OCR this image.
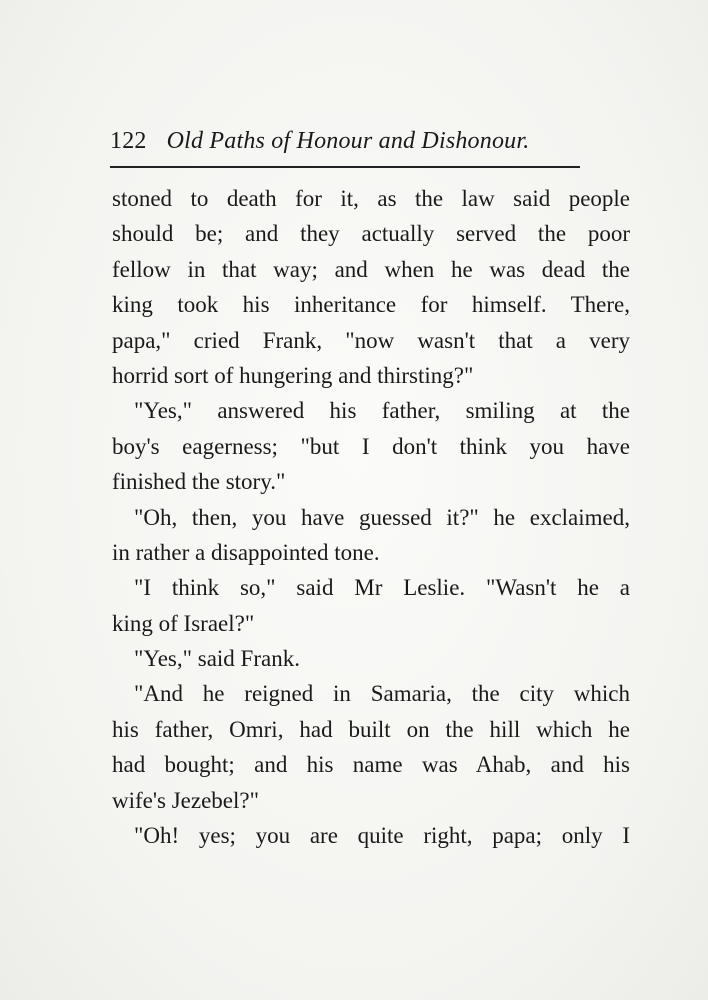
122 Old Paths of Honour and Dishonour.
stoned to death for it, as the law said people
should be; and they actually served the poor
fellow in that way; and when he was dead the
king took his inheritance for himself. There,
papa," cried Frank, "now wasn't that a very
horrid sort of hungering and thirsting?"
"Yes," answered his father, smiling at the
boy's eagerness; "but I don't think you have
finished the story."
"Oh, then, you have guessed it?" he exclaimed,
in rather a disappointed tone.
"I think so," said Mr Leslie. "Wasn't he a
king of Israel?"
"Yes," said Frank.
"And he reigned in Samaria, the city which
his father, Omri, had built on the hill which he
had bought; and his name was Ahab, and his
wife's Jezebel?"
"Oh! yes; you are quite right, papa; only I
